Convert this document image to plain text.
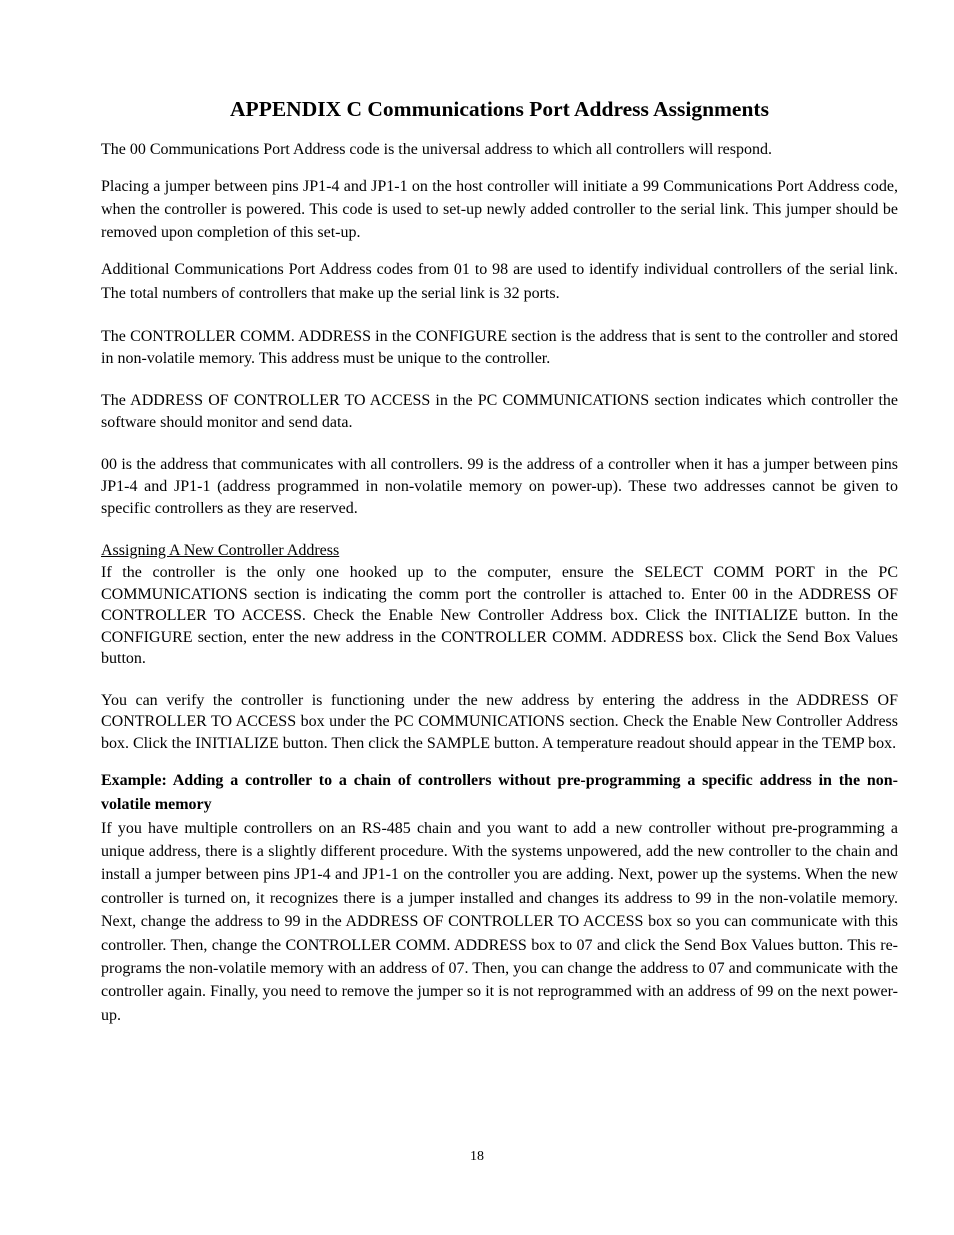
APPENDIX C Communications Port Address Assignments

The 00 Communications Port Address code is the universal address to which all controllers will respond.

Placing a jumper between pins JP1-4 and JP1-1 on the host controller will initiate a 99 Communications Port Address code, when the controller is powered. This code is used to set-up newly added controller to the serial link. This jumper should be removed upon completion of this set-up.

Additional Communications Port Address codes from 01 to 98 are used to identify individual controllers of the serial link. The total numbers of controllers that make up the serial link is 32 ports.

The CONTROLLER COMM. ADDRESS in the CONFIGURE section is the address that is sent to the controller and stored in non-volatile memory. This address must be unique to the controller.

The ADDRESS OF CONTROLLER TO ACCESS in the PC COMMUNICATIONS section indicates which controller the software should monitor and send data.

00 is the address that communicates with all controllers. 99 is the address of a controller when it has a jumper between pins JP1-4 and JP1-1 (address programmed in non-volatile memory on power-up). These two addresses cannot be given to specific controllers as they are reserved.

Assigning A New Controller Address

If the controller is the only one hooked up to the computer, ensure the SELECT COMM PORT in the PC COMMUNICATIONS section is indicating the comm port the controller is attached to. Enter 00 in the ADDRESS OF CONTROLLER TO ACCESS. Check the Enable New Controller Address box. Click the INITIALIZE button. In the CONFIGURE section, enter the new address in the CONTROLLER COMM. ADDRESS box. Click the Send Box Values button.

You can verify the controller is functioning under the new address by entering the address in the ADDRESS OF CONTROLLER TO ACCESS box under the PC COMMUNICATIONS section. Check the Enable New Controller Address box. Click the INITIALIZE button. Then click the SAMPLE button. A temperature readout should appear in the TEMP box.

Example: Adding a controller to a chain of controllers without pre-programming a specific address in the non-volatile memory

If you have multiple controllers on an RS-485 chain and you want to add a new controller without pre-programming a unique address, there is a slightly different procedure. With the systems unpowered, add the new controller to the chain and install a jumper between pins JP1-4 and JP1-1 on the controller you are adding. Next, power up the systems. When the new controller is turned on, it recognizes there is a jumper installed and changes its address to 99 in the non-volatile memory. Next, change the address to 99 in the ADDRESS OF CONTROLLER TO ACCESS box so you can communicate with this controller. Then, change the CONTROLLER COMM. ADDRESS box to 07 and click the Send Box Values button. This re-programs the non-volatile memory with an address of 07. Then, you can change the address to 07 and communicate with the controller again. Finally, you need to remove the jumper so it is not reprogrammed with an address of 99 on the next power-up.

18
